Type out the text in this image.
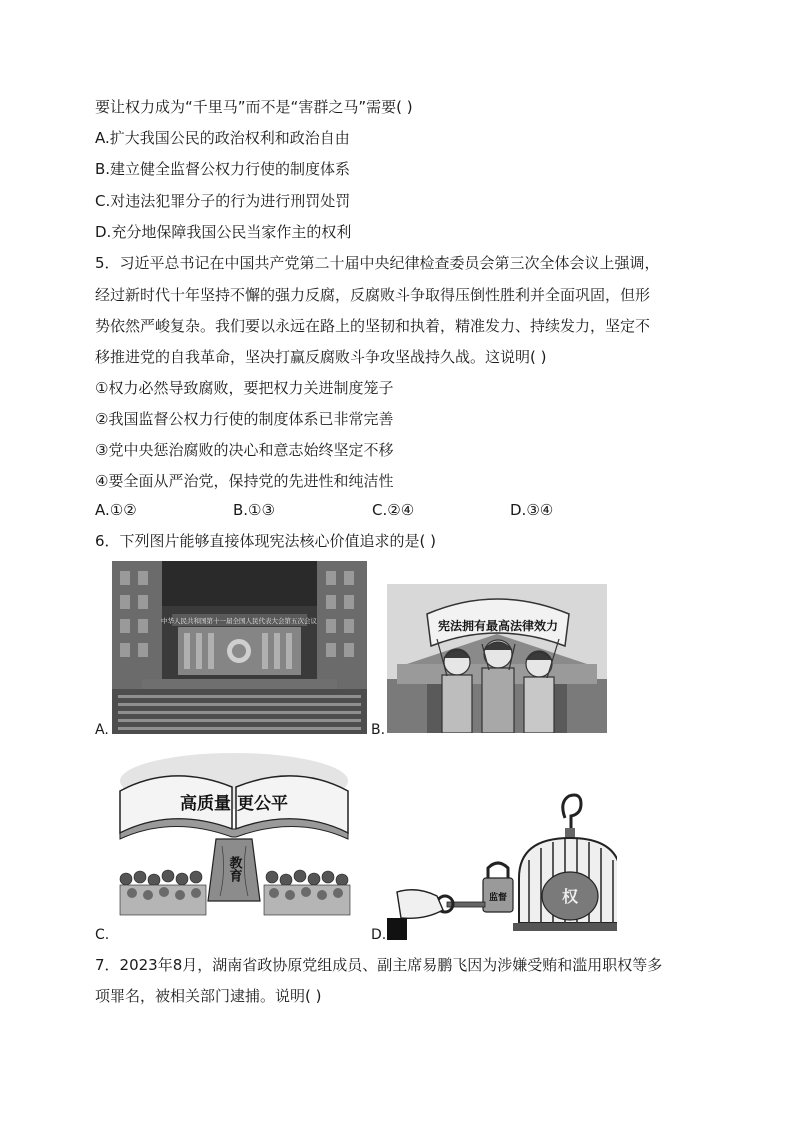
要让权力成为“千里马”而不是“害群之马”需要( )
A.扩大我国公民的政治权利和政治自由
B.建立健全监督公权力行使的制度体系
C.对违法犯罪分子的行为进行刑罚处罚
D.充分地保障我国公民当家作主的权利
5．习近平总书记在中国共产党第二十届中央纪律检查委员会第三次全体会议上强调，
经过新时代十年坚持不懈的强力反腐，反腐败斗争取得压倒性胜利并全面巩固，但形
势依然严峻复杂。我们要以永远在路上的坚韧和执着，精准发力、持续发力，坚定不
移推进党的自我革命，坚决打赢反腐败斗争攻坚战持久战。这说明( )
①权力必然导致腐败，要把权力关进制度笼子
②我国监督公权力行使的制度体系已非常完善
③党中央惩治腐败的决心和意志始终坚定不移
④要全面从严治党，保持党的先进性和纯洁性
A.①②	B.①③	C.②④	D.③④
6．下列图片能够直接体现宪法核心价值追求的是( )
A.
中华人民共和国第十一届全国人民代表大会第五次会议
B.
宪法拥有最高法律效力
C.
高质量 更公平
教育
D.
权
监督
7．2023年8月，湖南省政协原党组成员、副主席易鹏飞因为涉嫌受贿和滥用职权等多
项罪名，被相关部门逮捕。说明( )
